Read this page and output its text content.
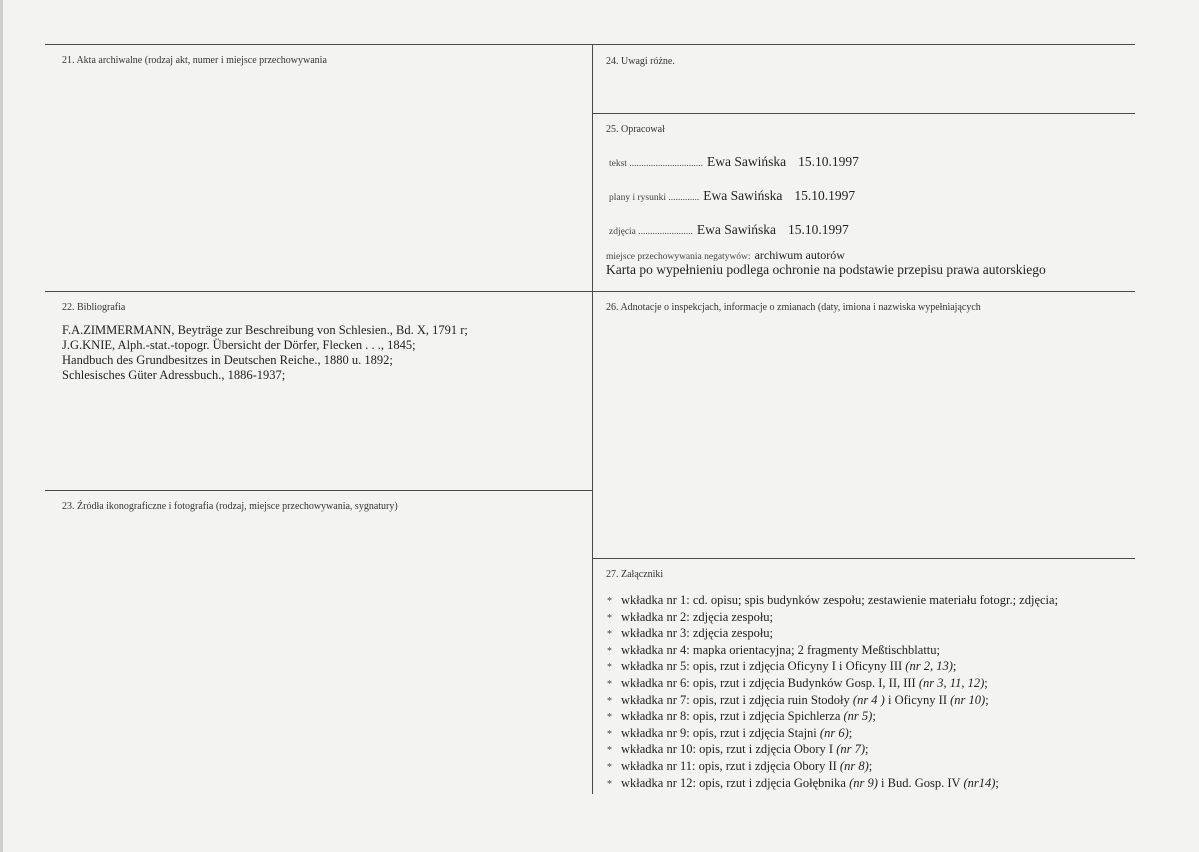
21. Akta archiwalne (rodzaj akt, numer i miejsce przechowywania	24. Uwagi różne.
25. Opracował
tekst ............................... Ewa Sawińska 15.10.1997
plany i rysunki ............. Ewa Sawińska 15.10.1997
zdjęcia ....................... Ewa Sawińska 15.10.1997
miejsce przechowywania negatywów: archiwum autorów
Karta po wypełnieniu podlega ochronie na podstawie przepisu prawa autorskiego
22. Bibliografia
F.A.ZIMMERMANN, Beyträge zur Beschreibung von Schlesien., Bd. X, 1791 r;
J.G.KNIE, Alph.-stat.-topogr. Übersicht der Dörfer, Flecken . . ., 1845;
Handbuch des Grundbesitzes in Deutschen Reiche., 1880 u. 1892;
Schlesisches Güter Adressbuch., 1886-1937;
26. Adnotacje o inspekcjach, informacje o zmianach (daty, imiona i nazwiska wypełniających
23. Źródła ikonograficzne i fotografia (rodzaj, miejsce przechowywania, sygnatury)
27. Załączniki
* wkładka nr 1: cd. opisu; spis budynków zespołu; zestawienie materiału fotogr.; zdjęcia;
* wkładka nr 2: zdjęcia zespołu;
* wkładka nr 3: zdjęcia zespołu;
* wkładka nr 4: mapka orientacyjna; 2 fragmenty Meßtischblattu;
* wkładka nr 5: opis, rzut i zdjęcia Oficyny I i Oficyny III (nr 2, 13);
* wkładka nr 6: opis, rzut i zdjęcia Budynków Gosp. I, II, III (nr 3, 11, 12);
* wkładka nr 7: opis, rzut i zdjęcia ruin Stodoły (nr 4 ) i Oficyny II (nr 10);
* wkładka nr 8: opis, rzut i zdjęcia Spichlerza (nr 5);
* wkładka nr 9: opis, rzut i zdjęcia Stajni (nr 6);
* wkładka nr 10: opis, rzut i zdjęcia Obory I (nr 7);
* wkładka nr 11: opis, rzut i zdjęcia Obory II (nr 8);
* wkładka nr 12: opis, rzut i zdjęcia Gołębnika (nr 9) i Bud. Gosp. IV (nr14);
